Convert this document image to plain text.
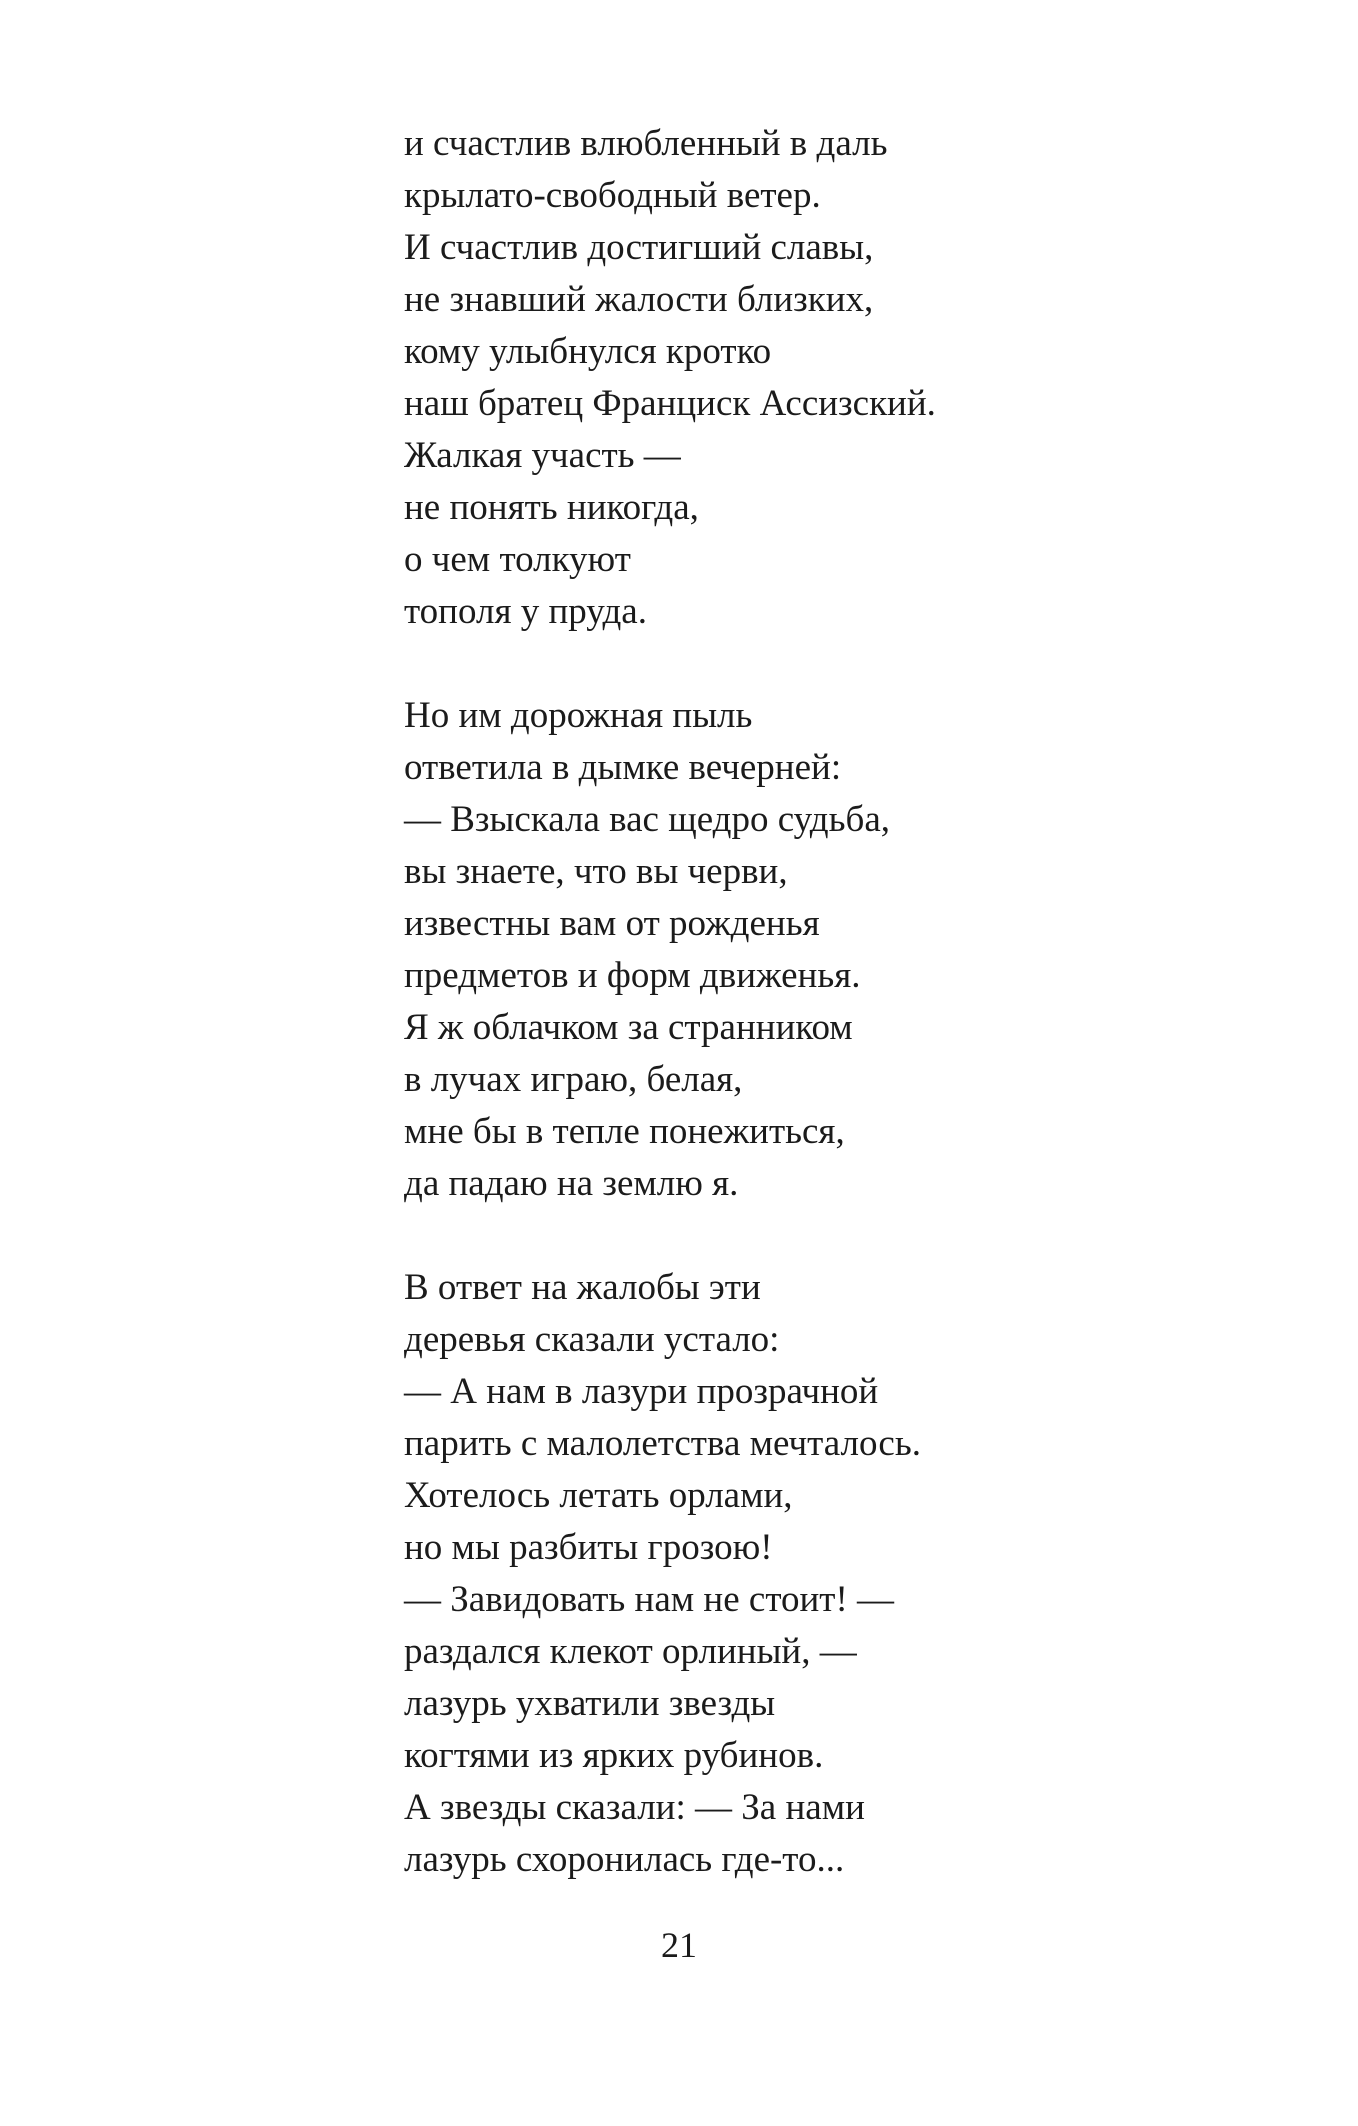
и счастлив влюбленный в даль
крылато-свободный ветер.
И счастлив достигший славы,
не знавший жалости близких,
кому улыбнулся кротко
наш братец Франциск Ассизский.
Жалкая участь —
не понять никогда,
о чем толкуют
тополя у пруда.
Но им дорожная пыль
ответила в дымке вечерней:
— Взыскала вас щедро судьба,
вы знаете, что вы черви,
известны вам от рожденья
предметов и форм движенья.
Я ж облачком за странником
в лучах играю, белая,
мне бы в тепле понежиться,
да падаю на землю я.
В ответ на жалобы эти
деревья сказали устало:
— А нам в лазури прозрачной
парить с малолетства мечталось.
Хотелось летать орлами,
но мы разбиты грозою!
— Завидовать нам не стоит! —
раздался клекот орлиный, —
лазурь ухватили звезды
когтями из ярких рубинов.
А звезды сказали: — За нами
лазурь схоронилась где-то...
21
